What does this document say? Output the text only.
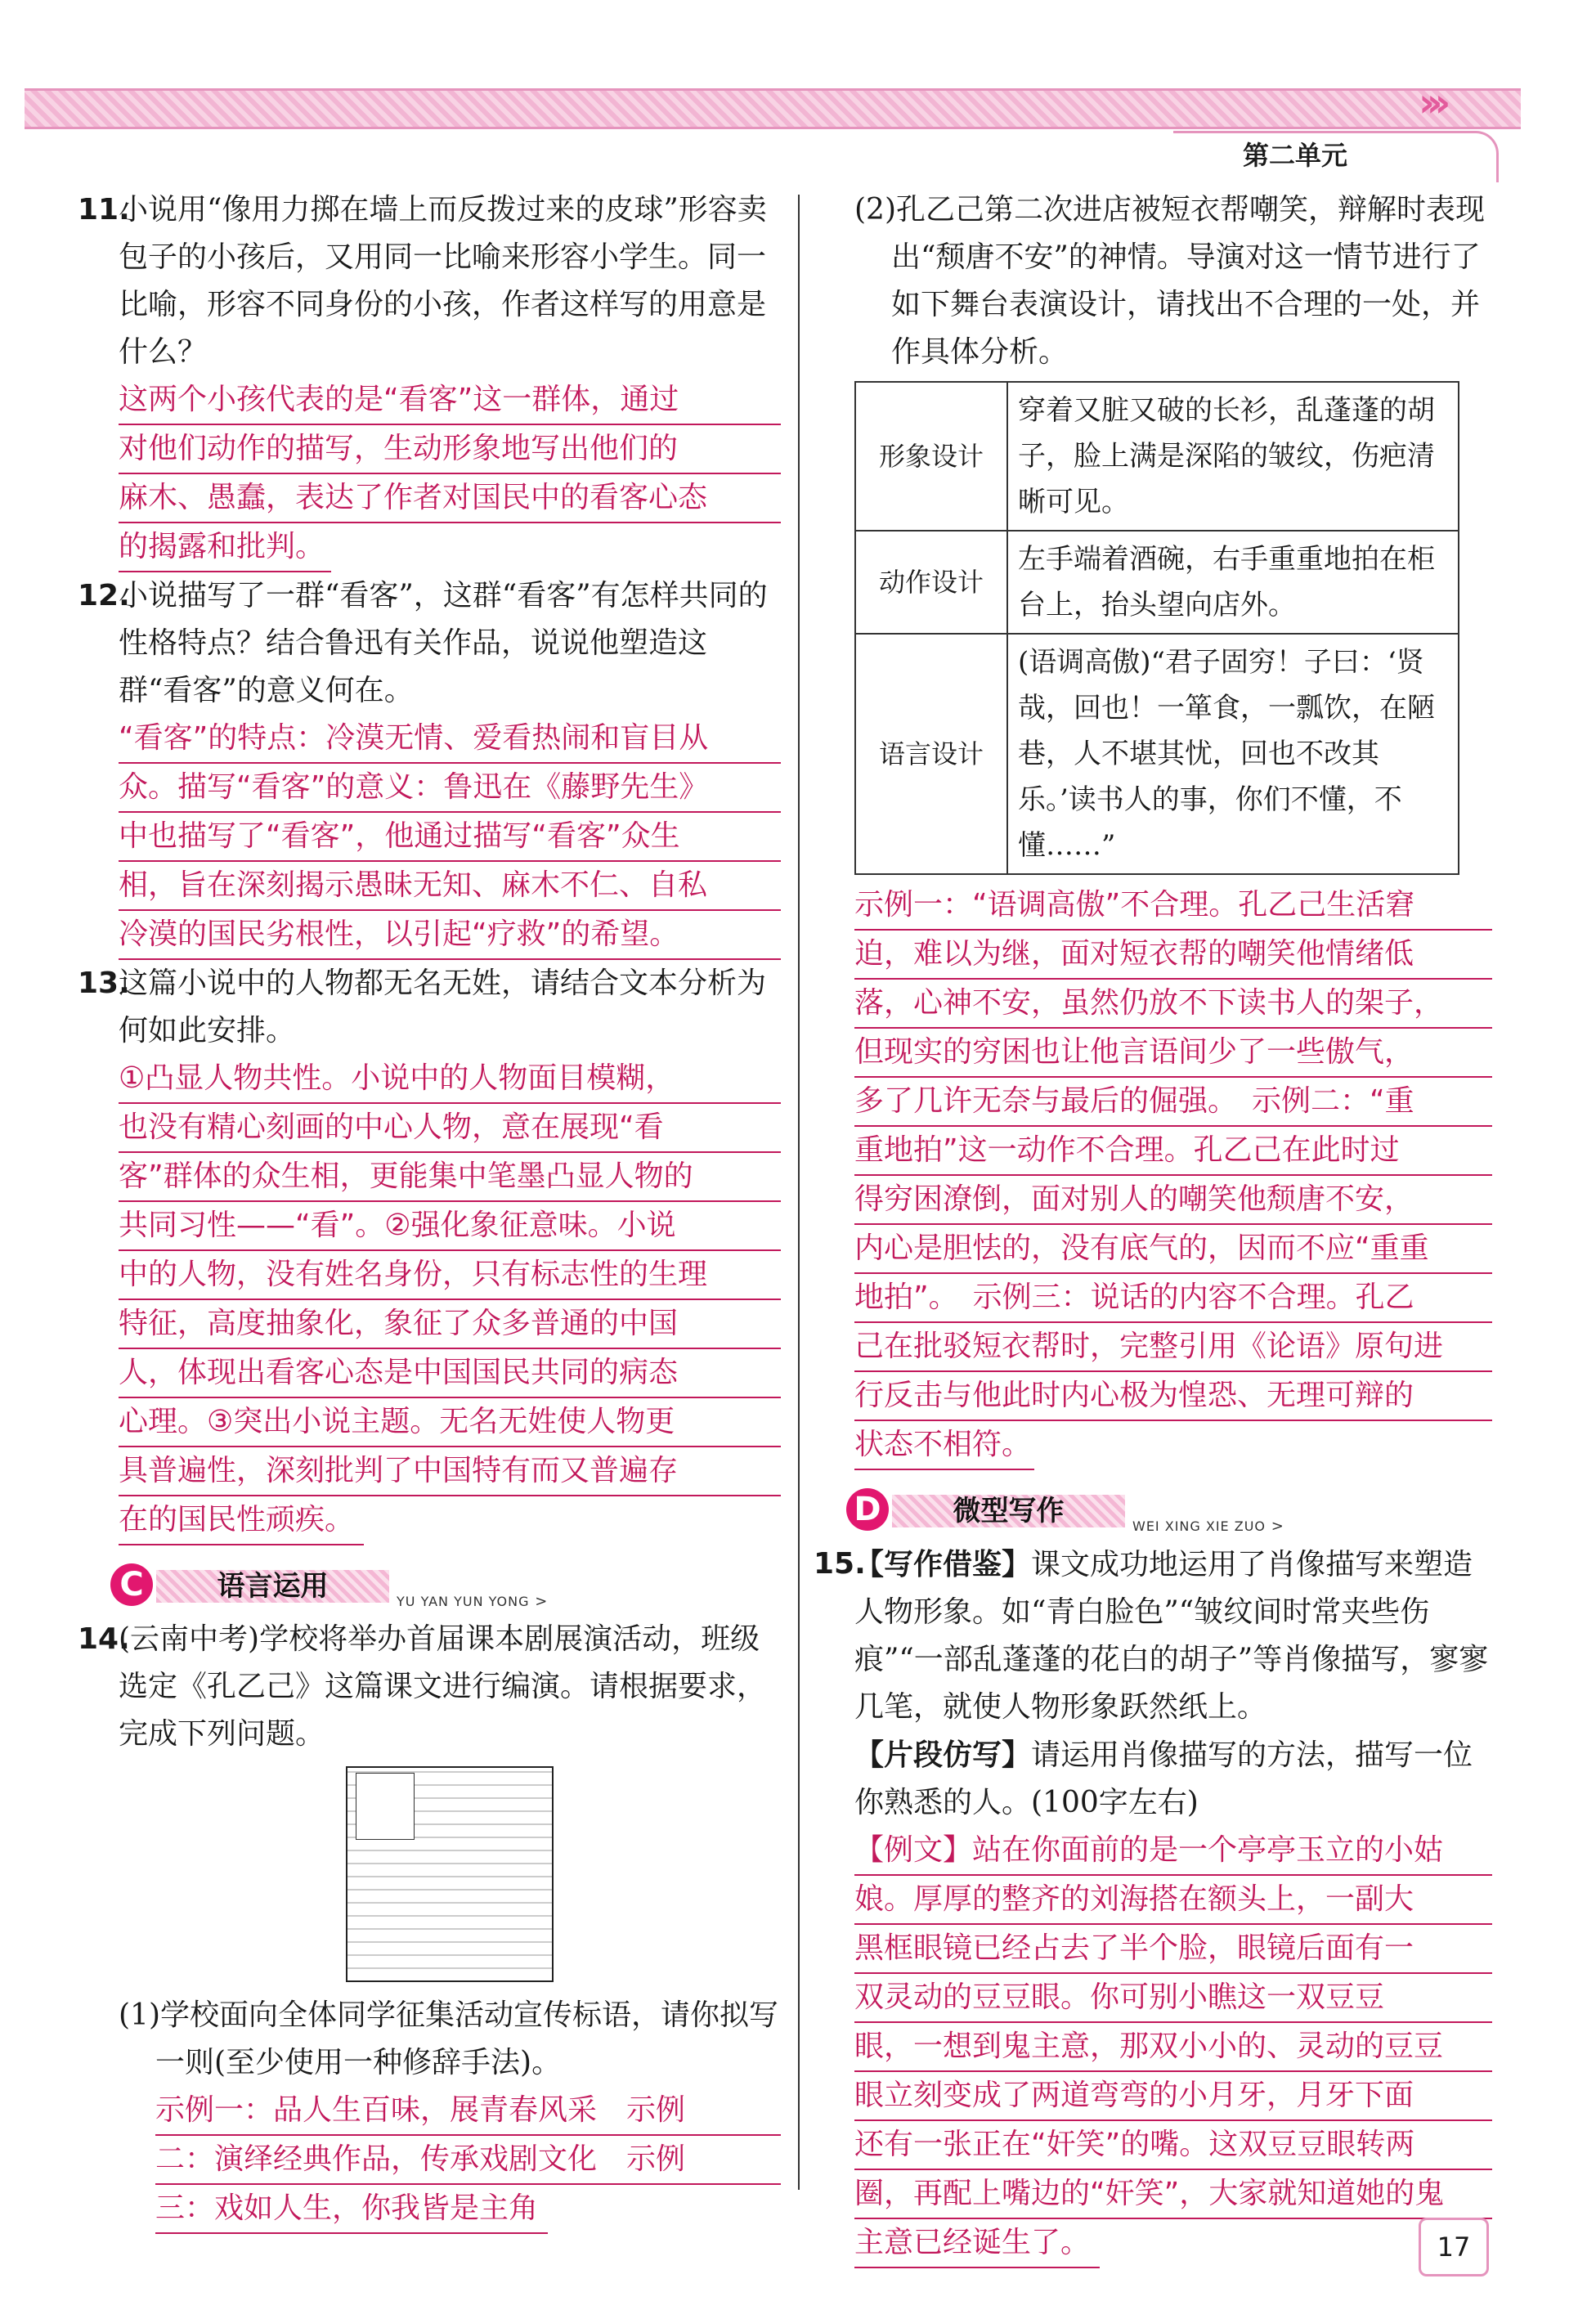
›››
第二单元
11.
小说用“像用力掷在墙上而反拨过来的皮球”形容卖包子的小孩后，又用同一比喻来形容小学生。同一比喻，形容不同身份的小孩，作者这样写的用意是什么？
这两个小孩代表的是“看客”这一群体，通过
对他们动作的描写，生动形象地写出他们的
麻木、愚蠢，表达了作者对国民中的看客心态
的揭露和批判。
12.
小说描写了一群“看客”，这群“看客”有怎样共同的性格特点？结合鲁迅有关作品，说说他塑造这群“看客”的意义何在。
“看客”的特点：冷漠无情、爱看热闹和盲目从
众。描写“看客”的意义：鲁迅在《藤野先生》
中也描写了“看客”，他通过描写“看客”众生
相，旨在深刻揭示愚昧无知、麻木不仁、自私
冷漠的国民劣根性，以引起“疗救”的希望。
13.
这篇小说中的人物都无名无姓，请结合文本分析为何如此安排。
①凸显人物共性。小说中的人物面目模糊，
也没有精心刻画的中心人物，意在展现“看
客”群体的众生相，更能集中笔墨凸显人物的
共同习性——“看”。②强化象征意味。小说
中的人物，没有姓名身份，只有标志性的生理
特征，高度抽象化，象征了众多普通的中国
人，体现出看客心态是中国国民共同的病态
心理。③突出小说主题。无名无姓使人物更
具普遍性，深刻批判了中国特有而又普遍存
在的国民性顽疾。
C	语言运用	YU YAN YUN YONG >
14.
(云南中考)学校将举办首届课本剧展演活动，班级选定《孔乙己》这篇课文进行编演。请根据要求，完成下列问题。
(1)学校面向全体同学征集活动宣传标语，请你拟写一则(至少使用一种修辞手法)。
示例一：品人生百味，展青春风采　示例
二：演绎经典作品，传承戏剧文化　示例
三：戏如人生，你我皆是主角
(2)孔乙己第二次进店被短衣帮嘲笑，辩解时表现出“颓唐不安”的神情。导演对这一情节进行了如下舞台表演设计，请找出不合理的一处，并作具体分析。
形象设计	穿着又脏又破的长衫，乱蓬蓬的胡子，脸上满是深陷的皱纹，伤疤清晰可见。
动作设计	左手端着酒碗，右手重重地拍在柜台上，抬头望向店外。
语言设计	(语调高傲)“君子固穷！子曰：‘贤哉，回也！一箪食，一瓢饮，在陋巷，人不堪其忧，回也不改其乐。’读书人的事，你们不懂，不懂……”
示例一：“语调高傲”不合理。孔乙己生活窘
迫，难以为继，面对短衣帮的嘲笑他情绪低
落，心神不安，虽然仍放不下读书人的架子，
但现实的穷困也让他言语间少了一些傲气，
多了几许无奈与最后的倔强。　示例二：“重
重地拍”这一动作不合理。孔乙己在此时过
得穷困潦倒，面对别人的嘲笑他颓唐不安，
内心是胆怯的，没有底气的，因而不应“重重
地拍”。　示例三：说话的内容不合理。孔乙
己在批驳短衣帮时，完整引用《论语》原句进
行反击与他此时内心极为惶恐、无理可辩的
状态不相符。
D	微型写作	WEI XING XIE ZUO >
15.
【写作借鉴】课文成功地运用了肖像描写来塑造人物形象。如“青白脸色”“皱纹间时常夹些伤痕”“一部乱蓬蓬的花白的胡子”等肖像描写，寥寥几笔，就使人物形象跃然纸上。
【片段仿写】请运用肖像描写的方法，描写一位你熟悉的人。(100字左右)
【例文】站在你面前的是一个亭亭玉立的小姑
娘。厚厚的整齐的刘海搭在额头上，一副大
黑框眼镜已经占去了半个脸，眼镜后面有一
双灵动的豆豆眼。你可别小瞧这一双豆豆
眼，一想到鬼主意，那双小小的、灵动的豆豆
眼立刻变成了两道弯弯的小月牙，月牙下面
还有一张正在“奸笑”的嘴。这双豆豆眼转两
圈，再配上嘴边的“奸笑”，大家就知道她的鬼
主意已经诞生了。	17
